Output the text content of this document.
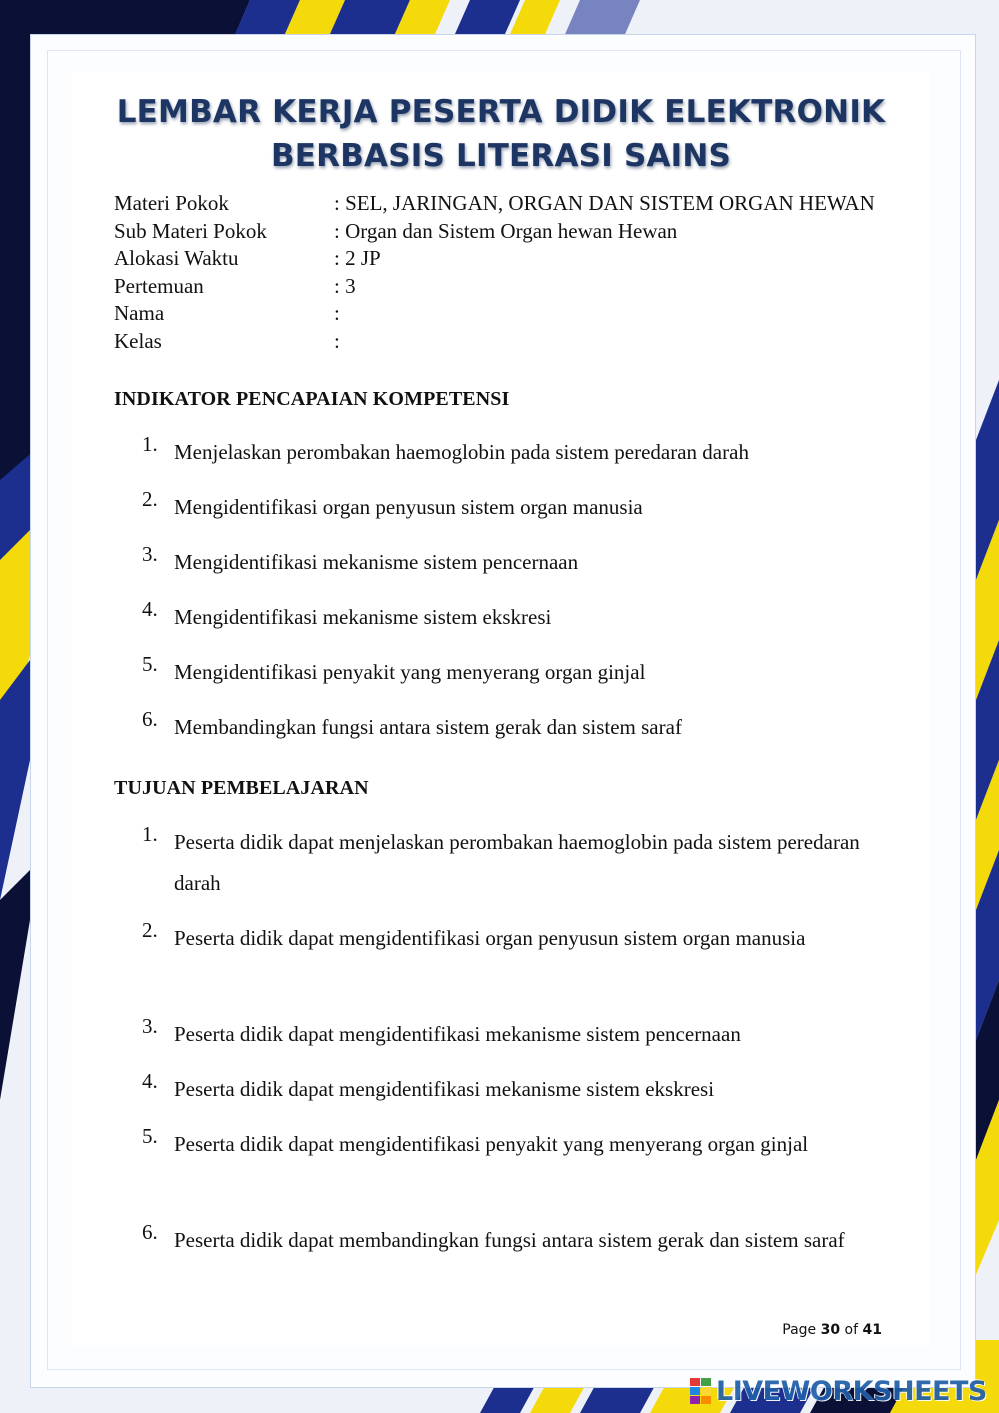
LEMBAR KERJA PESERTA DIDIK ELEKTRONIK
BERBASIS LITERASI SAINS
Materi Pokok	: SEL, JARINGAN, ORGAN DAN SISTEM ORGAN HEWAN
Sub Materi Pokok	: Organ dan Sistem Organ hewan Hewan
Alokasi Waktu	: 2 JP
Pertemuan	: 3
Nama	:
Kelas	:
INDIKATOR PENCAPAIAN KOMPETENSI
1. Menjelaskan perombakan haemoglobin pada sistem peredaran darah
2. Mengidentifikasi organ penyusun sistem organ manusia
3. Mengidentifikasi mekanisme sistem pencernaan
4. Mengidentifikasi mekanisme sistem ekskresi
5. Mengidentifikasi penyakit yang menyerang organ ginjal
6. Membandingkan fungsi antara sistem gerak dan sistem saraf
TUJUAN PEMBELAJARAN
1. Peserta didik dapat menjelaskan perombakan haemoglobin pada sistem peredaran darah
2. Peserta didik dapat mengidentifikasi organ penyusun sistem organ manusia
3. Peserta didik dapat mengidentifikasi mekanisme sistem pencernaan
4. Peserta didik dapat mengidentifikasi mekanisme sistem ekskresi
5. Peserta didik dapat mengidentifikasi penyakit yang menyerang organ ginjal
6. Peserta didik dapat membandingkan fungsi antara sistem gerak dan sistem saraf
Page 30 of 41
LIVEWORKSHEETS
